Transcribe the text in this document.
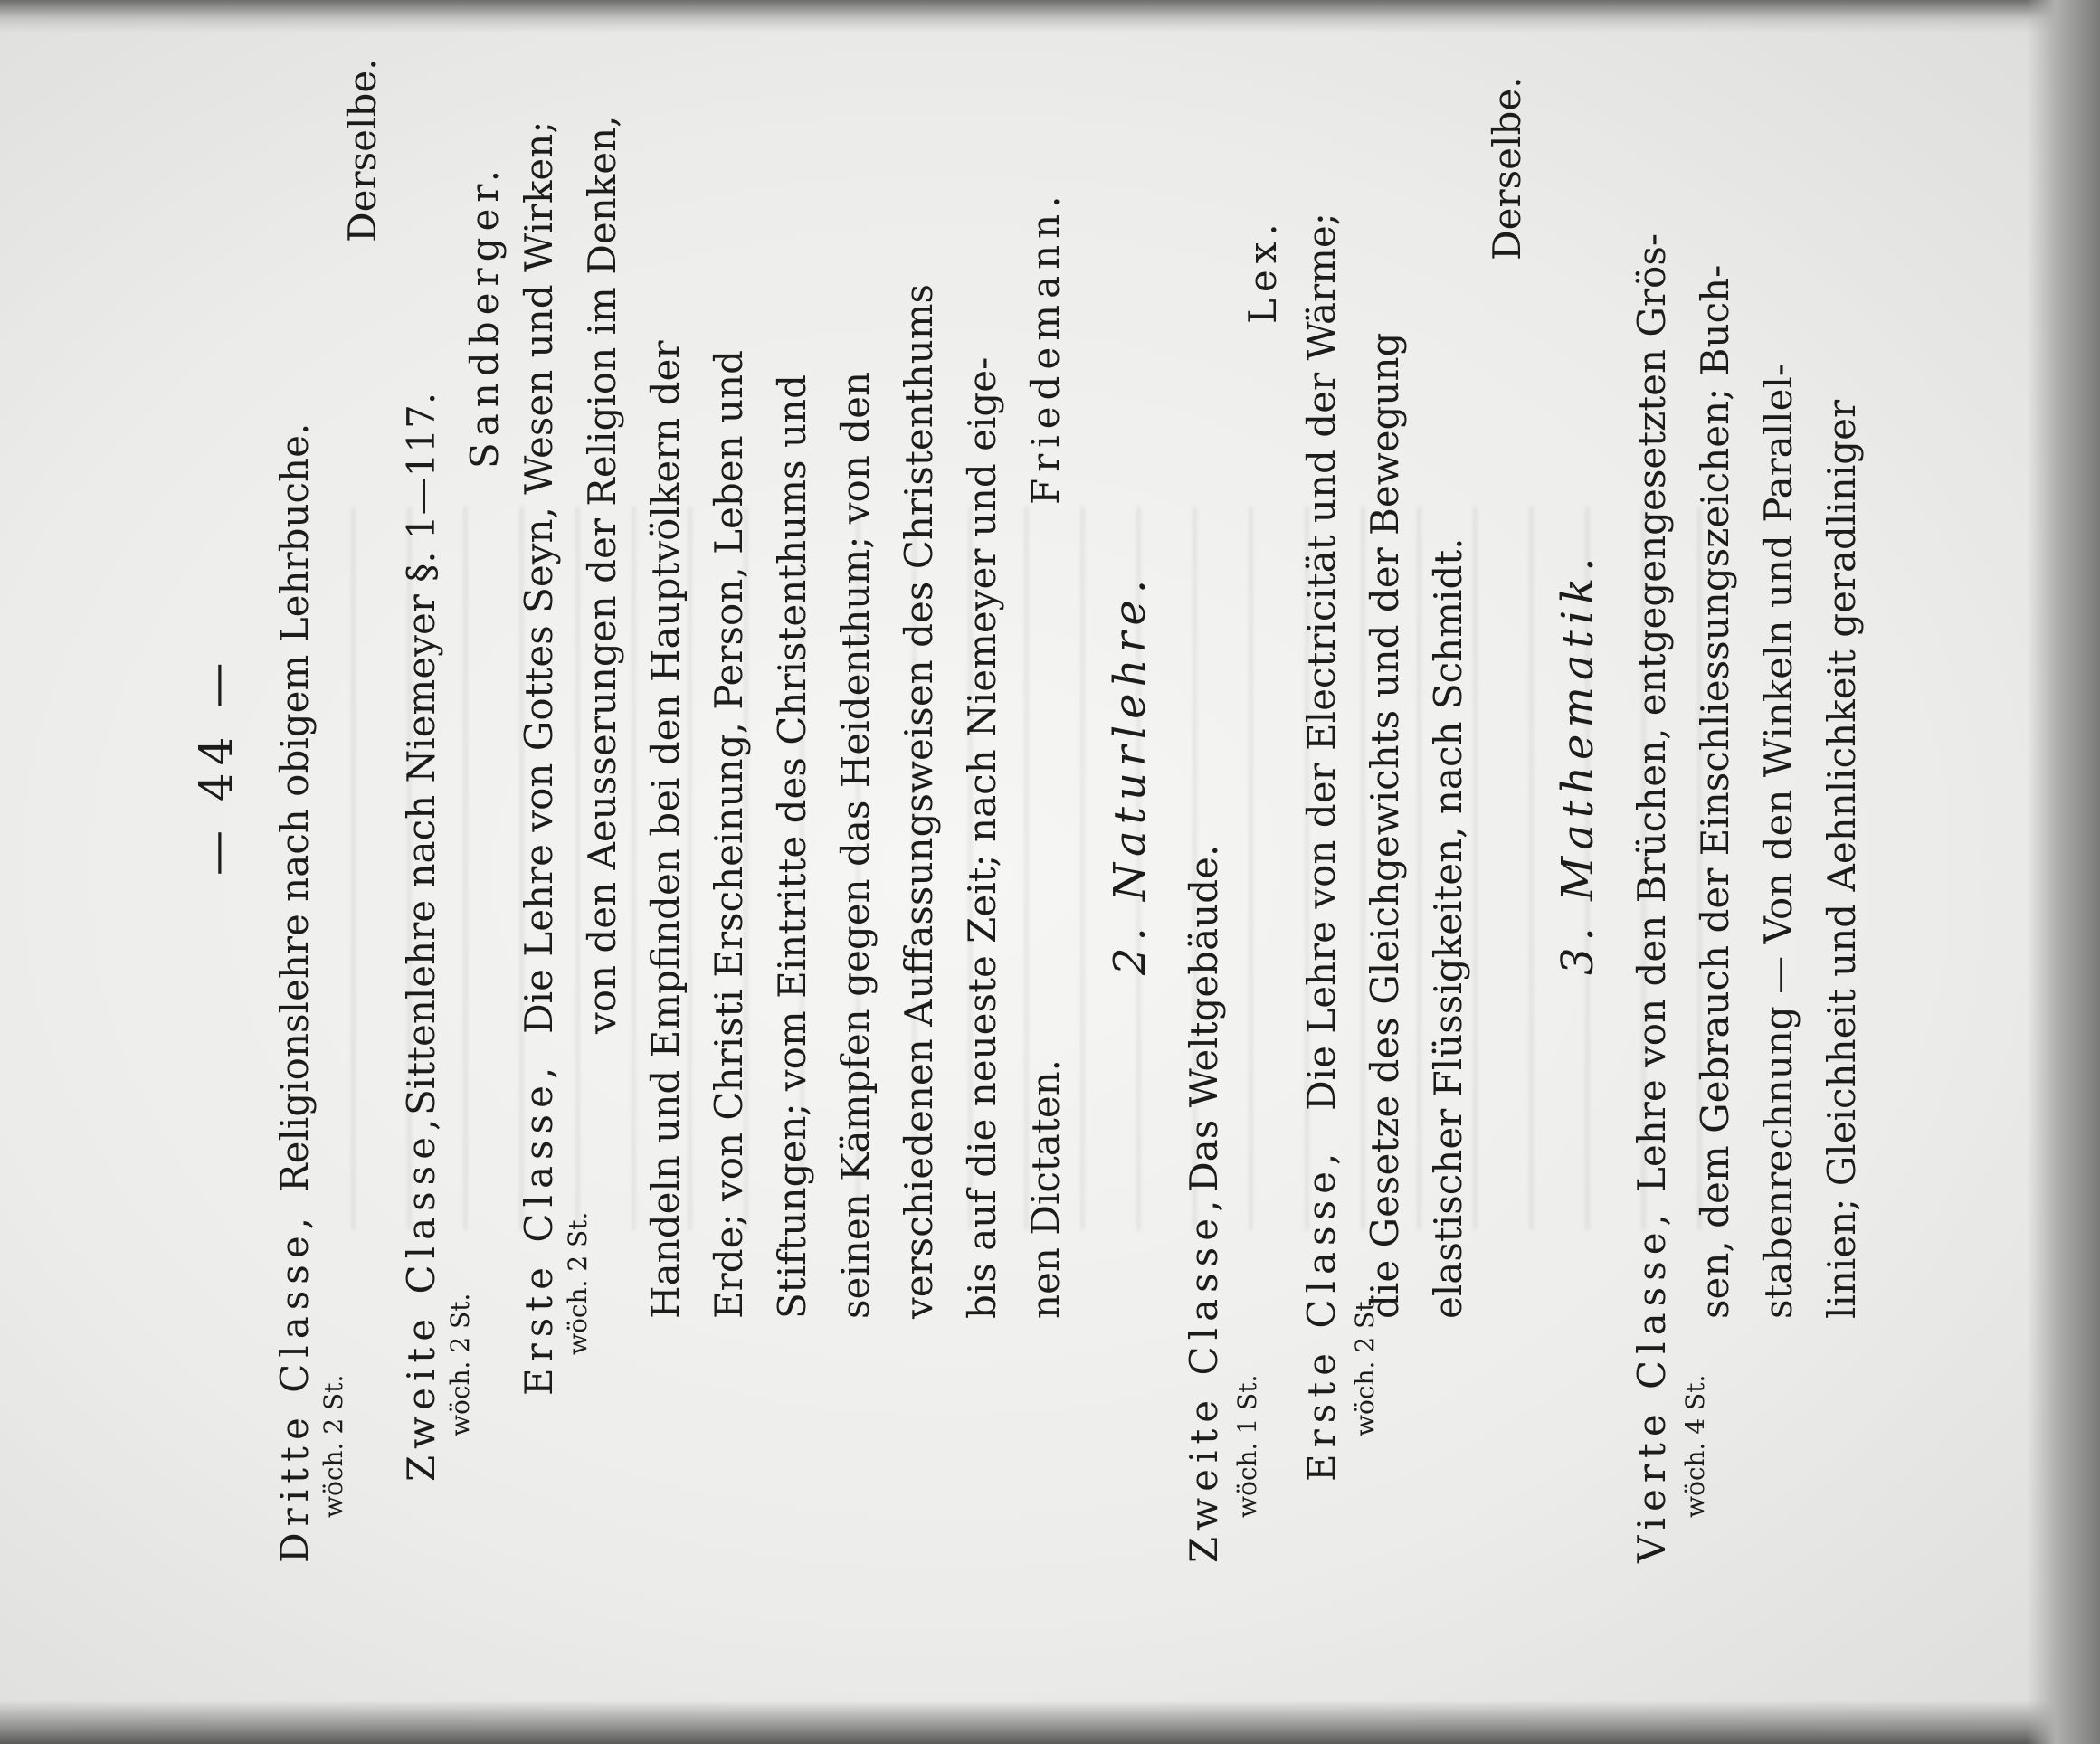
— 44 —
Dritte Classe, wöch. 2 St.
Religionslehre nach obigem Lehrbuche.
Derselbe.
Zweite Classe, wöch. 2 St.
Sittenlehre nach Niemeyer §. 1—117.
Sandberger.
Erste Classe, wöch. 2 St.
Die Lehre von Gottes Seyn, Wesen und Wirken; von den Aeusserungen der Religion im Denken, Handeln und Empfinden bei den Hauptvölkern der Erde; von Christi Erscheinung, Person, Leben und Stiftungen; vom Eintritte des Christenthums und seinen Kämpfen gegen das Heidenthum; von den verschiedenen Auffassungsweisen des Christenthums bis auf die neueste Zeit; nach Niemeyer und eige- nen Dictaten.
Friedemann.
2. Naturlehre.
Zweite Classe, wöch. 1 St.
Das Weltgebäude.
Lex.
Erste Classe, wöch. 2 St.
Die Lehre von der Electricität und der Wärme; die Gesetze des Gleichgewichts und der Bewegung elastischer Flüssigkeiten, nach Schmidt.
Derselbe.
3. Mathematik.
Vierte Classe, wöch. 4 St.
Lehre von den Brüchen, entgegengesetzten Grös- sen, dem Gebrauch der Einschliessungszeichen; Buch- stabenrechnung — Von den Winkeln und Parallel- linien; Gleichheit und Aehnlichkeit geradliniger
